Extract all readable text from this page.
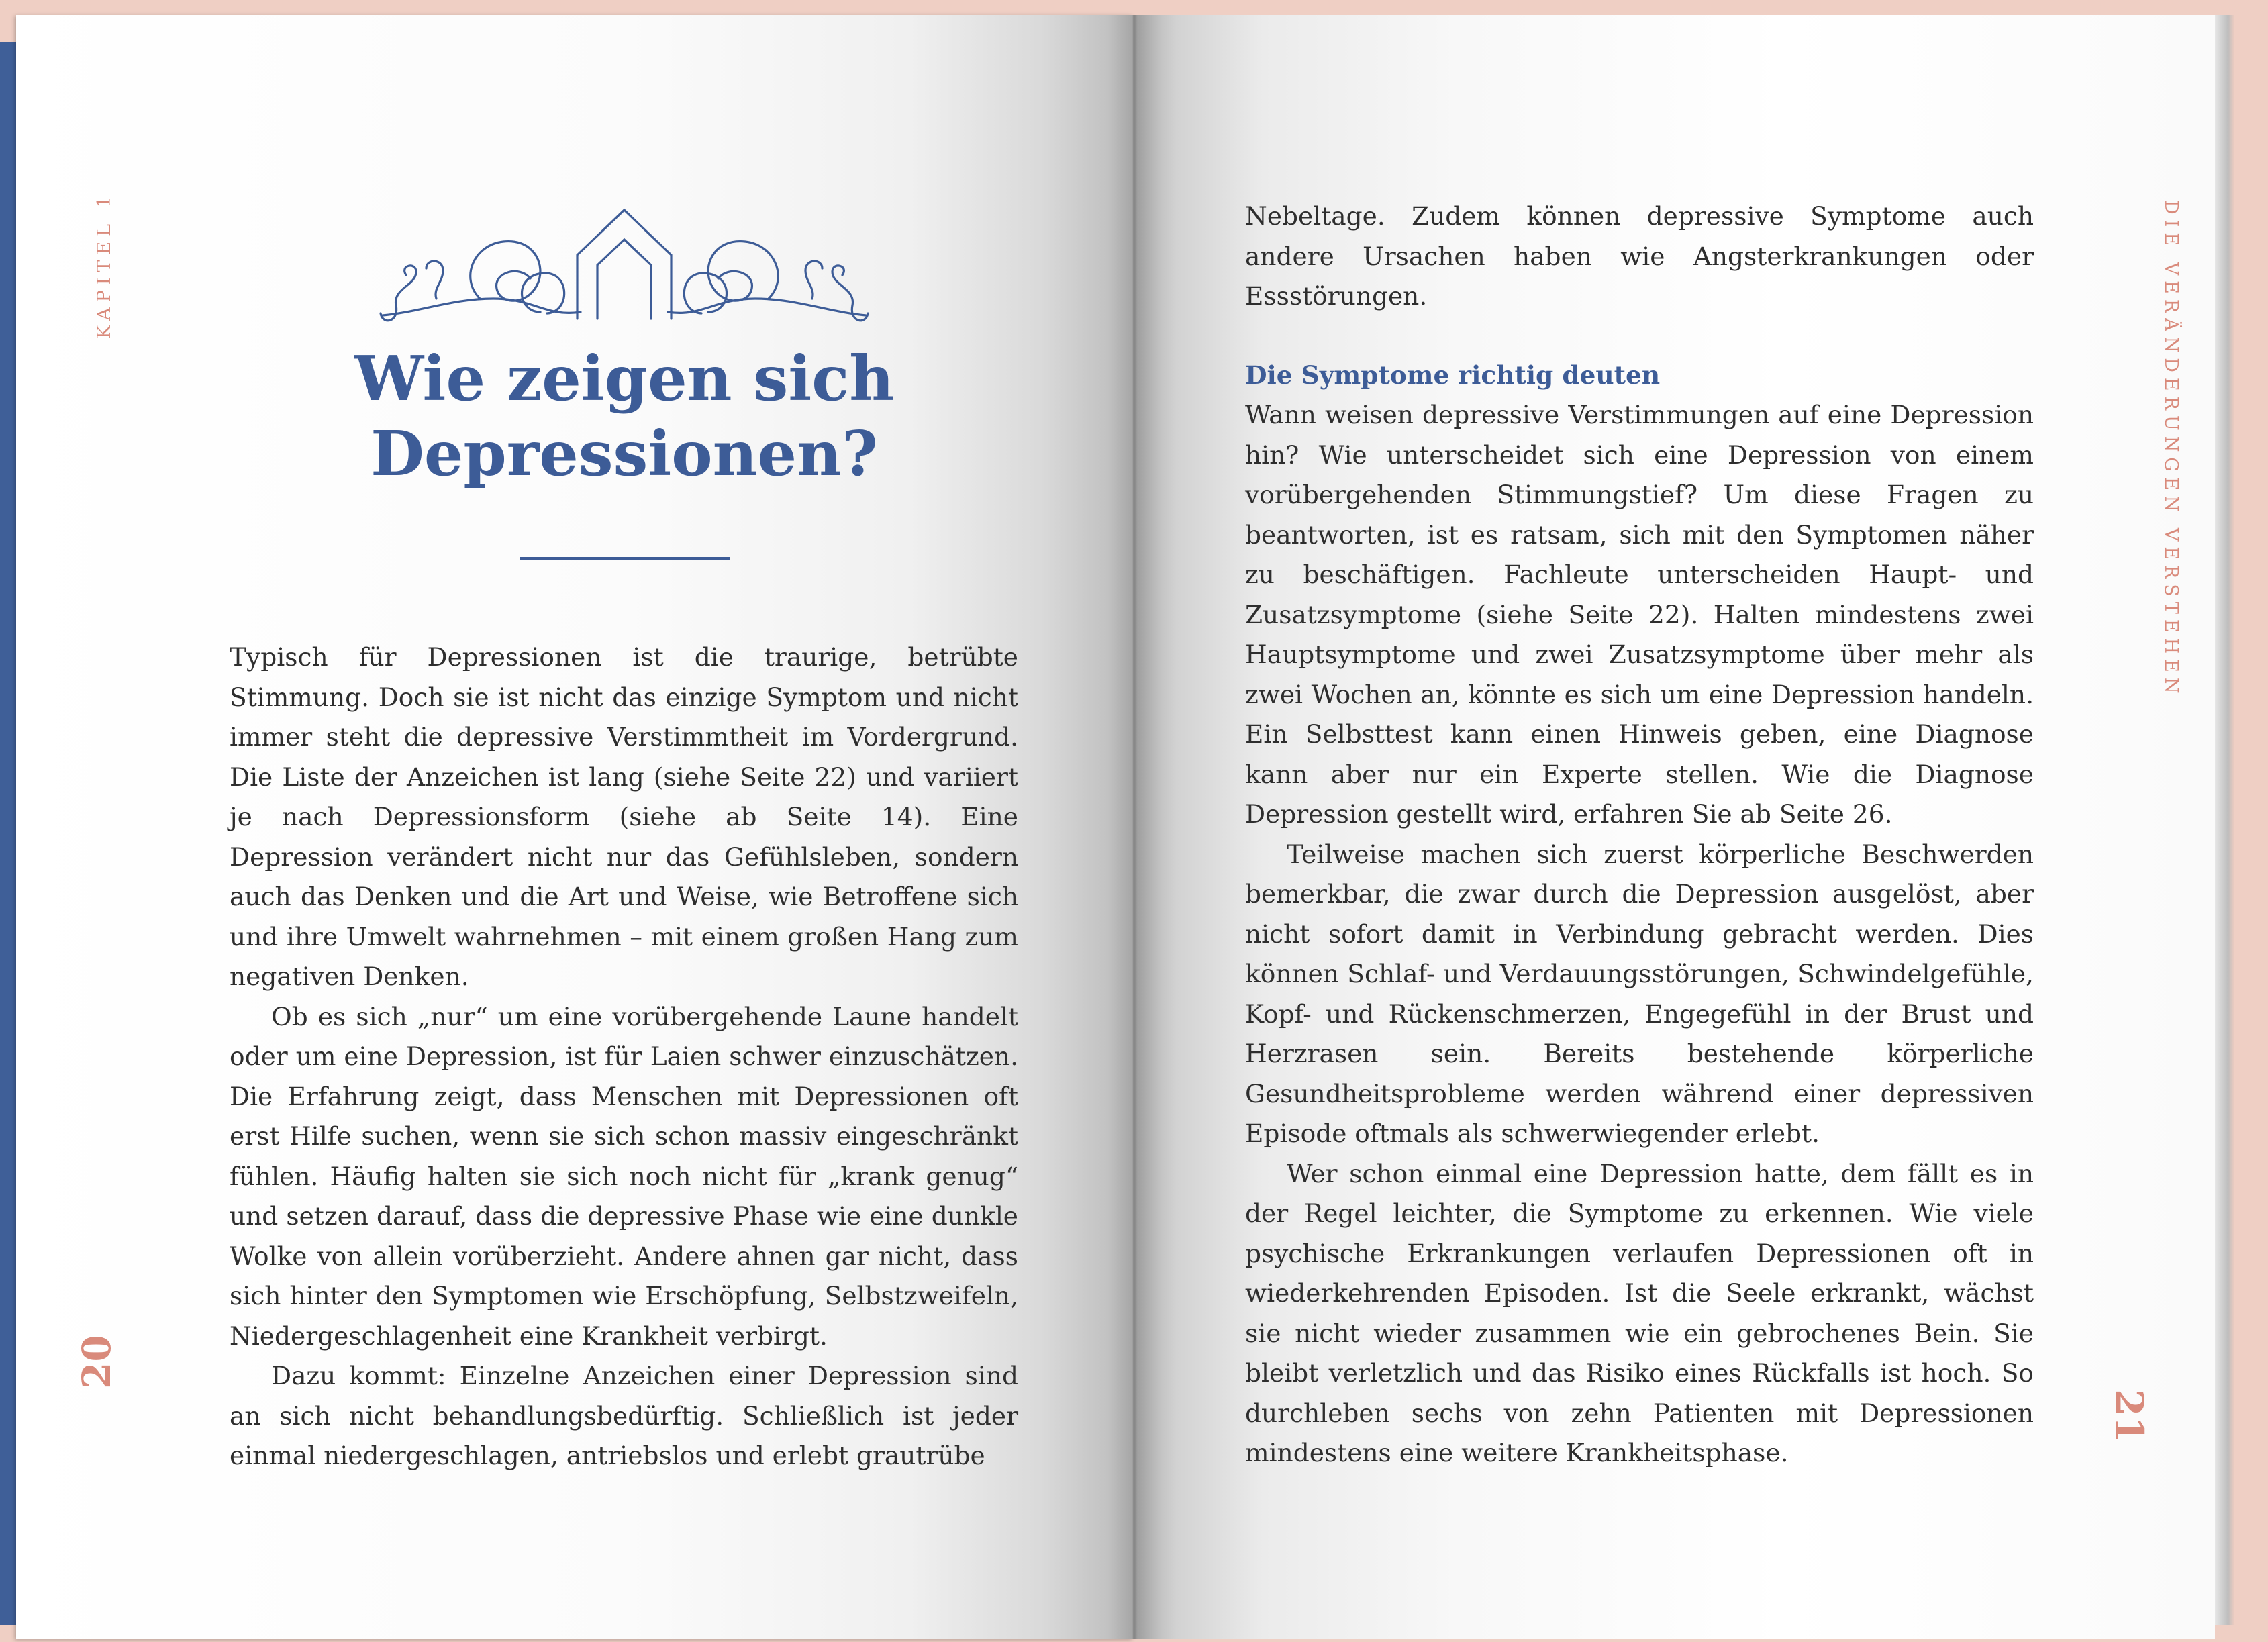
KAPITEL 1	DIE VERÄNDERUNGEN VERSTEHEN
20
21
Wie zeigen sich
Depressionen?

Typisch für Depressionen ist die traurige, betrübte Stimmung. Doch sie ist nicht das einzige Symptom und nicht immer steht die depressive Verstimmtheit im Vordergrund. Die Liste der Anzeichen ist lang (siehe Seite 22) und variiert je nach Depressionsform (siehe ab Seite 14). Eine Depression verändert nicht nur das Gefühlsleben, sondern auch das Denken und die Art und Weise, wie Betroffene sich und ihre Umwelt wahrnehmen – mit einem großen Hang zum negativen Denken.

Ob es sich „nur“ um eine vorübergehende Laune handelt oder um eine Depression, ist für Laien schwer einzuschätzen. Die Erfahrung zeigt, dass Menschen mit Depressionen oft erst Hilfe suchen, wenn sie sich schon massiv eingeschränkt fühlen. Häufig halten sie sich noch nicht für „krank genug“ und setzen darauf, dass die depressive Phase wie eine dunkle Wolke von allein vorüberzieht. Andere ahnen gar nicht, dass sich hinter den Symptomen wie Erschöpfung, Selbstzweifeln, Niedergeschlagenheit eine Krankheit verbirgt.

Dazu kommt: Einzelne Anzeichen einer Depression sind an sich nicht behandlungsbedürftig. Schließlich ist jeder einmal niedergeschlagen, antriebslos und erlebt grautrübe

Nebeltage. Zudem können depressive Symptome auch andere Ursachen haben wie Angsterkrankungen oder Essstörungen.

Die Symptome richtig deuten

Wann weisen depressive Verstimmungen auf eine Depression hin? Wie unterscheidet sich eine Depression von einem vorübergehenden Stimmungstief? Um diese Fragen zu beantworten, ist es ratsam, sich mit den Symptomen näher zu beschäftigen. Fachleute unterscheiden Haupt- und Zusatzsymptome (siehe Seite 22). Halten mindestens zwei Hauptsymptome und zwei Zusatzsymptome über mehr als zwei Wochen an, könnte es sich um eine Depression handeln. Ein Selbsttest kann einen Hinweis geben, eine Diagnose kann aber nur ein Experte stellen. Wie die Diagnose Depression gestellt wird, erfahren Sie ab Seite 26.

Teilweise machen sich zuerst körperliche Beschwerden bemerkbar, die zwar durch die Depression ausgelöst, aber nicht sofort damit in Verbindung gebracht werden. Dies können Schlaf- und Verdauungsstörungen, Schwindelgefühle, Kopf- und Rückenschmerzen, Engegefühl in der Brust und Herzrasen sein. Bereits bestehende körperliche Gesundheitsprobleme werden während einer depressiven Episode oftmals als schwerwiegender erlebt.

Wer schon einmal eine Depression hatte, dem fällt es in der Regel leichter, die Symptome zu erkennen. Wie viele psychische Erkrankungen verlaufen Depressionen oft in wiederkehrenden Episoden. Ist die Seele erkrankt, wächst sie nicht wieder zusammen wie ein gebrochenes Bein. Sie bleibt verletzlich und das Risiko eines Rückfalls ist hoch. So durchleben sechs von zehn Patienten mit Depressionen mindestens eine weitere Krankheitsphase.
